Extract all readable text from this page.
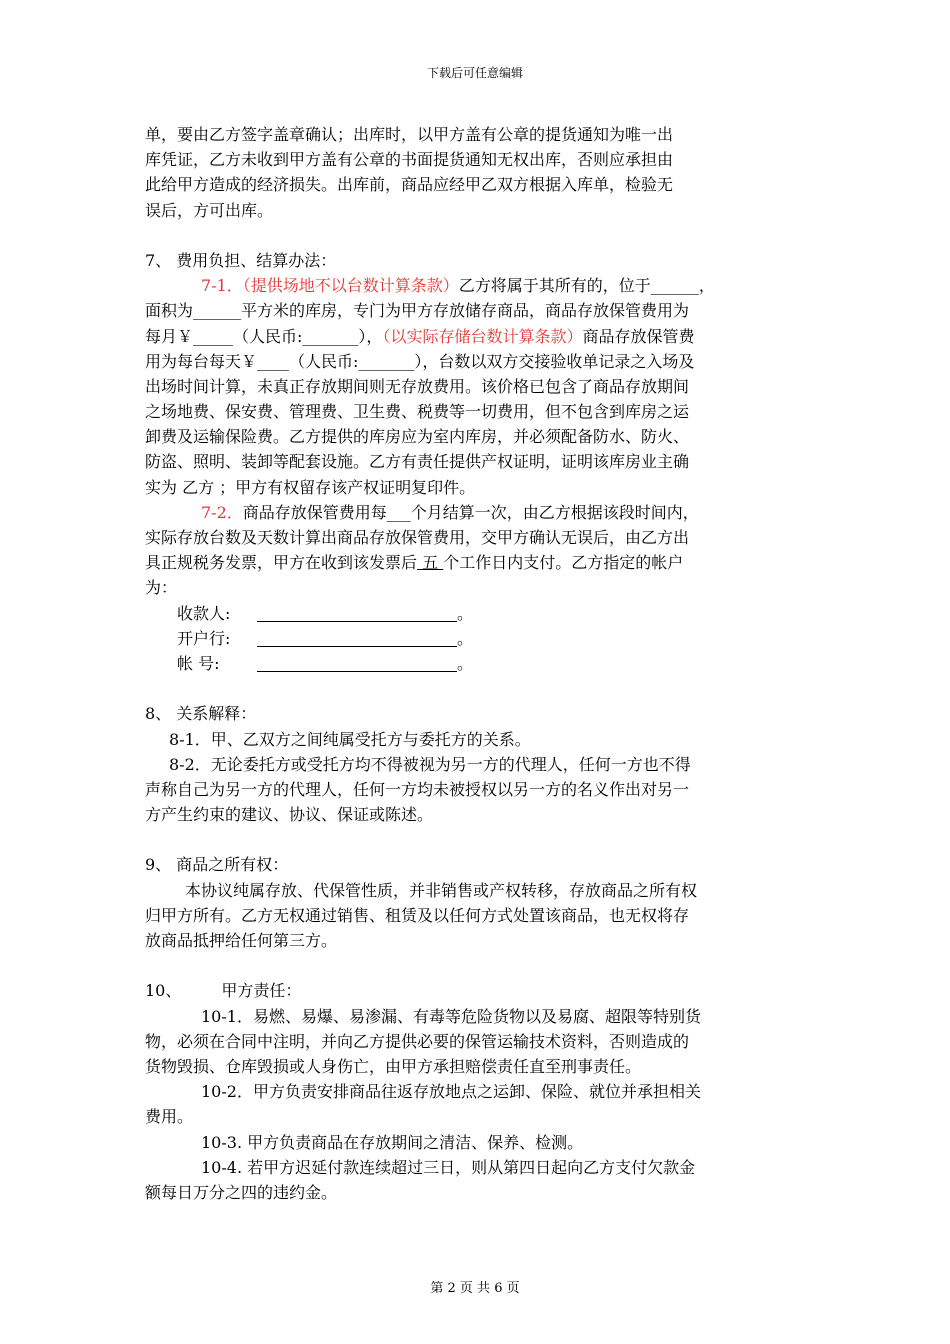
下载后可任意编辑
单，要由乙方签字盖章确认；出库时，以甲方盖有公章的提货通知为唯一出
库凭证，乙方未收到甲方盖有公章的书面提货通知无权出库，否则应承担由
此给甲方造成的经济损失。出库前，商品应经甲乙双方根据入库单，检验无
误后，方可出库。
7、 费用负担、结算办法：
7-1．（提供场地不以台数计算条款）乙方将属于其所有的，位于______，
面积为______平方米的库房，专门为甲方存放储存商品，商品存放保管费用为
每月￥_____（人民币:_______），（以实际存储台数计算条款）商品存放保管费
用为每台每天￥____（人民币:_______），台数以双方交接验收单记录之入场及
出场时间计算，未真正存放期间则无存放费用。该价格已包含了商品存放期间
之场地费、保安费、管理费、卫生费、税费等一切费用，但不包含到库房之运
卸费及运输保险费。乙方提供的库房应为室内库房，并必须配备防水、防火、
防盗、照明、装卸等配套设施。乙方有责任提供产权证明，证明该库房业主确
实为 乙方 ；甲方有权留存该产权证明复印件。
7-2．商品存放保管费用每___个月结算一次，由乙方根据该段时间内，
实际存放台数及天数计算出商品存放保管费用，交甲方确认无误后，由乙方出
具正规税务发票，甲方在收到该发票后 五 个工作日内支付。乙方指定的帐户
为：
收款人:	。
开户行:	。
帐 号:	。
8、 关系解释：
8-1．甲、乙双方之间纯属受托方与委托方的关系。
8-2．无论委托方或受托方均不得被视为另一方的代理人，任何一方也不得
声称自己为另一方的代理人，任何一方均未被授权以另一方的名义作出对另一
方产生约束的建议、协议、保证或陈述。
9、 商品之所有权：
本协议纯属存放、代保管性质，并非销售或产权转移，存放商品之所有权
归甲方所有。乙方无权通过销售、租赁及以任何方式处置该商品，也无权将存
放商品抵押给任何第三方。
10、	甲方责任：
10-1．易燃、易爆、易渗漏、有毒等危险货物以及易腐、超限等特别货
物，必须在合同中注明，并向乙方提供必要的保管运输技术资料，否则造成的
货物毁损、仓库毁损或人身伤亡，由甲方承担赔偿责任直至刑事责任。
10-2．甲方负责安排商品往返存放地点之运卸、保险、就位并承担相关
费用。
10-3. 甲方负责商品在存放期间之清洁、保养、检测。
10-4. 若甲方迟延付款连续超过三日，则从第四日起向乙方支付欠款金
额每日万分之四的违约金。
第 2 页 共 6 页
